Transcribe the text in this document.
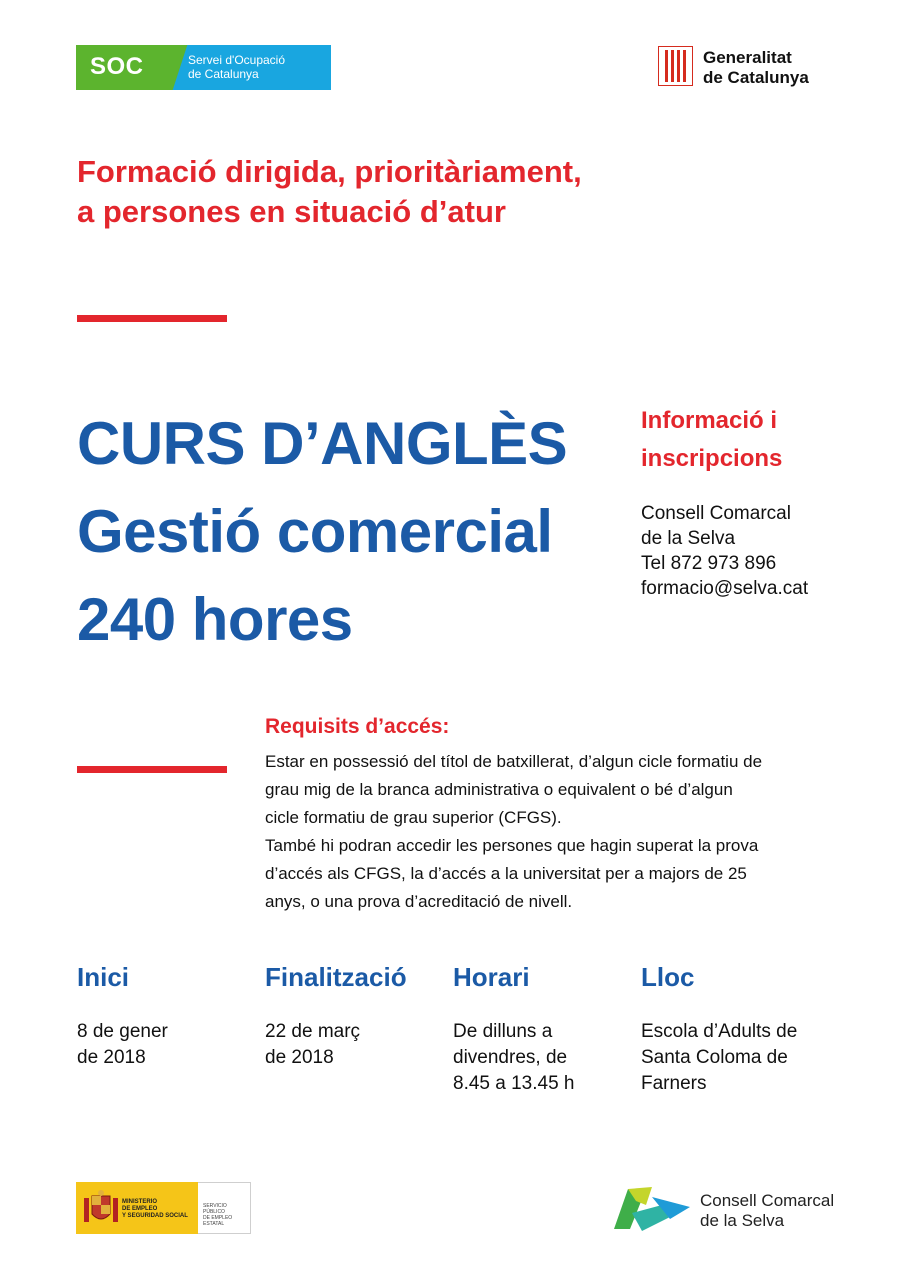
SOC	Servei d'Ocupació
de Catalunya
Generalitat
de Catalunya
Formació dirigida, prioritàriament,
a persones en situació d’atur
CURS D’ANGLÈS
Gestió comercial
240 hores
Informació i
inscripcions
Consell Comarcal
de la Selva
Tel 872 973 896
formacio@selva.cat
Requisits d’accés:
Estar en possessió del títol de batxillerat, d’algun cicle formatiu de
grau mig de la branca administrativa o equivalent o bé d’algun
cicle formatiu de grau superior (CFGS).
També hi podran accedir les persones que hagin superat la prova
d’accés als CFGS, la d’accés a la universitat per a majors de 25
anys, o una prova d’acreditació de nivell.
Inici
8 de gener
de 2018
Finalització
22 de març
de 2018
Horari
De dilluns a
divendres, de
8.45 a 13.45 h
Lloc
Escola d’Adults de
Santa Coloma de
Farners
MINISTERIO
DE EMPLEO
Y SEGURIDAD SOCIAL
SERVICIO PÚBLICO
DE EMPLEO ESTATAL
Consell Comarcal
de la Selva
